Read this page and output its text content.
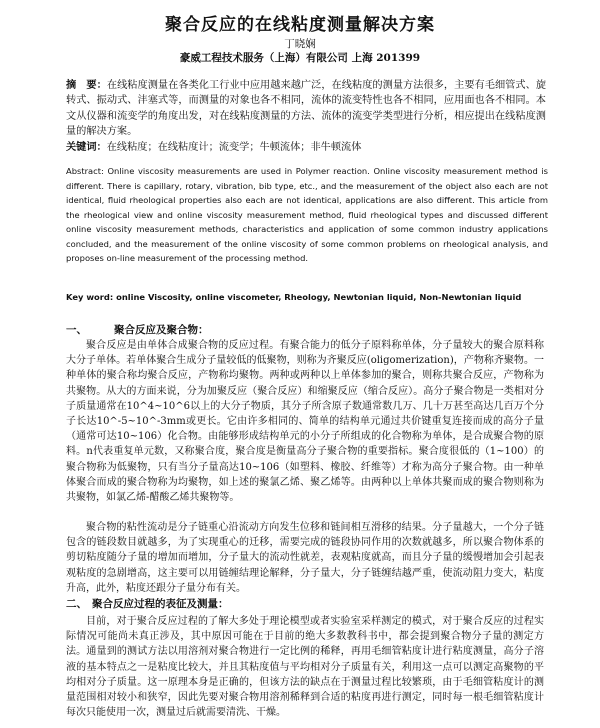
聚合反应的在线粘度测量解决方案
丁晓娴
豪威工程技术服务（上海）有限公司 上海 201399
摘　要：在线粘度测量在各类化工行业中应用越来越广泛，在线粘度的测量方法很多，主要有毛细管式、旋转式、振动式、沣塞式等，而测量的对象也各不相同，流体的流变特性也各不相同，应用面也各不相同。本文从仪器和流变学的角度出发，对在线粘度测量的方法、流体的流变学类型进行分析，相应提出在线粘度测量的解决方案。
关键词：在线粘度；在线粘度计；流变学；牛顿流体；非牛顿流体
Abstract: Online viscosity measurements are used in Polymer reaction. Online viscosity measurement method is different. There is capillary, rotary, vibration, bib type, etc., and the measurement of the object also each are not identical, fluid rheological properties also each are not identical, applications are also different. This article from the rheological view and online viscosity measurement method, fluid rheological types and discussed different online viscosity measurement methods, characteristics and application of some common industry applications concluded, and the measurement of the online viscosity of some common problems on rheological analysis, and proposes on-line measurement of the processing method.
Key word: online Viscosity, online viscometer, Rheology, Newtonian liquid, Non-Newtonian liquid
一、	聚合反应及聚合物：
聚合反应是由单体合成聚合物的反应过程。有聚合能力的低分子原料称单体，分子量较大的聚合原料称大分子单体。若单体聚合生成分子量较低的低聚物，则称为齐聚反应(oligomerization)，产物称齐聚物。一种单体的聚合称均聚合反应，产物称均聚物。两种或两种以上单体参加的聚合，则称共聚合反应，产物称为共聚物。从大的方面来说，分为加聚反应（聚合反应）和缩聚反应（缩合反应）。高分子聚合物是一类相对分子质量通常在10^4~10^6以上的大分子物质，其分子所含原子数通常数几万、几十万甚至高达几百万个分子长达10^-5~10^-3mm或更长。它由许多相同的、简单的结构单元通过共价键重复连接而成的高分子量（通常可达10~106）化合物。由能够形成结构单元的小分子所组成的化合物称为单体，是合成聚合物的原料。n代表重复单元数，又称聚合度，聚合度是衡量高分子聚合物的重要指标。聚合度很低的（1~100）的聚合物称为低聚物，只有当分子量高达10~106（如塑料、橡胶、纤维等）才称为高分子聚合物。由一种单体聚合而成的聚合物称为均聚物，如上述的聚氯乙烯、聚乙烯等。由两种以上单体共聚而成的聚合物则称为共聚物，如氯乙烯-醋酸乙烯共聚物等。
聚合物的粘性流动是分子链重心沿流动方向发生位移和链间相互滑移的结果。分子量越大，一个分子链包含的链段数目就越多，为了实现重心的迁移，需要完成的链段协同作用的次数就越多，所以聚合物体系的剪切粘度随分子量的增加而增加，分子量大的流动性就差，表观粘度就高，而且分子量的缓慢增加会引起表观粘度的急剧增高，这主要可以用链缠结理论解释，分子量大，分子链缠结越严重，使流动阻力变大，粘度升高，此外，粘度还跟分子量分布有关。
二、 聚合反应过程的表征及测量：
目前，对于聚合反应过程的了解大多处于理论模型或者实验室采样测定的模式，对于聚合反应的过程实际情况可能尚未真正涉及，其中原因可能在于目前的绝大多数教科书中，都会提到聚合物分子量的测定方法。通量到的测试方法以用溶剂对聚合物进行一定比例的稀释，再用毛细管粘度计进行粘度测量，高分子溶液的基本特点之一是粘度比较大，并且其粘度值与平均相对分子质量有关，利用这一点可以测定高聚物的平均相对分子质量。这一原理本身是正确的，但该方法的缺点在于测量过程比较繁琐，由于毛细管粘度计的测量范围相对较小和狭窄，因此先要对聚合物用溶剂稀释到合适的粘度再进行测定，同时每一根毛细管粘度计每次只能使用一次，测量过后就需要清洗、干燥。
